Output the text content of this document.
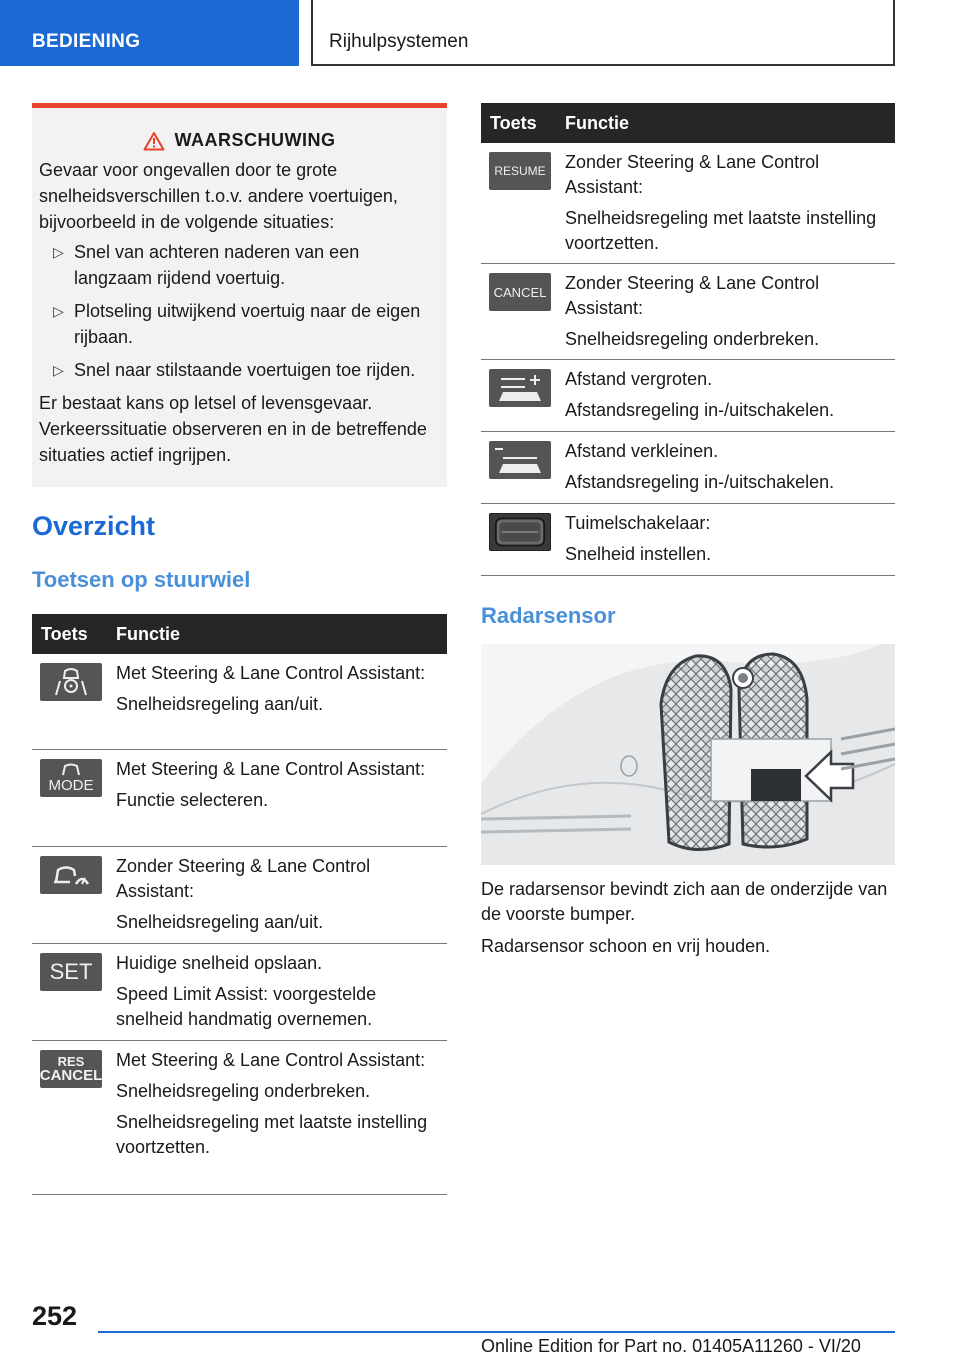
BEDIENING	Rijhulpsystemen
WAARSCHUWING

Gevaar voor ongevallen door te grote snelheidsverschillen t.o.v. andere voertuigen, bijvoorbeeld in de volgende situaties:

▷ Snel van achteren naderen van een langzaam rijdend voertuig.
▷ Plotseling uitwijkend voertuig naar de eigen rijbaan.
▷ Snel naar stilstaande voertuigen toe rijden.

Er bestaat kans op letsel of levensgevaar. Verkeerssituatie observeren en in de betreffende situaties actief ingrijpen.

Overzicht
Toetsen op stuurwiel
Toets Functie

Met Steering & Lane Control Assistant:

Snelheidsregeling aan/uit.

MODE

Met Steering & Lane Control Assistant:

Functie selecteren.

Zonder Steering & Lane Control Assistant:

Snelheidsregeling aan/uit.

SET Huidige snelheid opslaan.

Speed Limit Assist: voorgestelde snelheid handmatig overnemen.

RES
CANCEL

Met Steering & Lane Control Assistant:

Snelheidsregeling onderbreken.

Snelheidsregeling met laatste instelling voortzetten.

Toets Functie
RESUME Zonder Steering & Lane Control Assistant:

Snelheidsregeling met laatste instelling voortzetten.

CANCEL Zonder Steering & Lane Control Assistant:

Snelheidsregeling onderbreken.

Afstand vergroten.

Afstandsregeling in-/uitschakelen.

Afstand verkleinen.

Afstandsregeling in-/uitschakelen.

Tuimelschakelaar:

Snelheid instellen.

Radarsensor

De radarsensor bevindt zich aan de onderzijde van de voorste bumper.

Radarsensor schoon en vrij houden.

252
Online Edition for Part no. 01405A11260 - VI/20
